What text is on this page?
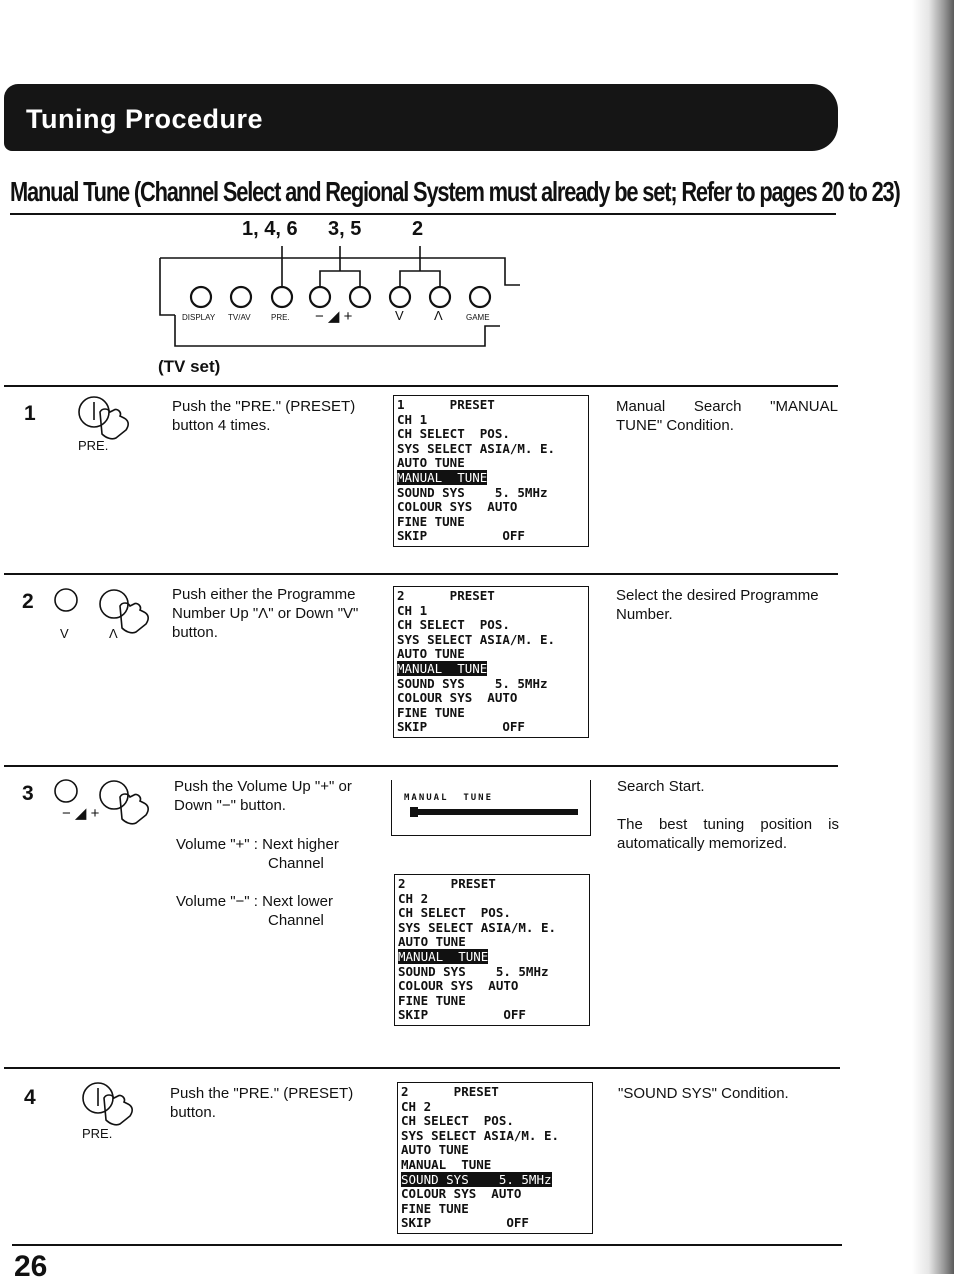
Tuning Procedure
Manual Tune (Channel Select and Regional System must already be set; Refer to pages 20 to 23)
1, 4, 6 3, 5	2
DISPLAY TV/AV	PRE. − ◢ +	V Λ	GAME
(TV set)
1
PRE.
Push the "PRE." (PRESET) button 4 times.
1      PRESET
CH 1
CH SELECT  POS.
SYS SELECT ASIA/M. E.
AUTO TUNE
MANUAL  TUNE
SOUND SYS    5. 5MHz
COLOUR SYS  AUTO
FINE TUNE
SKIP          OFF
Manual Search "MANUAL TUNE" Condition.
2
V	Λ
Push either the Programme Number Up "Λ" or Down "V" button.
2      PRESET
CH 1
CH SELECT  POS.
SYS SELECT ASIA/M. E.
AUTO TUNE
MANUAL  TUNE
SOUND SYS    5. 5MHz
COLOUR SYS  AUTO
FINE TUNE
SKIP          OFF
Select the desired Programme Number.
3
− ◢ +
Push the Volume Up "+" or Down "−" button.
Volume "+" : Next higher
Channel
Volume "−" : Next lower
Channel
MANUAL  TUNE
2      PRESET
CH 2
CH SELECT  POS.
SYS SELECT ASIA/M. E.
AUTO TUNE
MANUAL  TUNE
SOUND SYS    5. 5MHz
COLOUR SYS  AUTO
FINE TUNE
SKIP          OFF
Search Start.
The best tuning position is automatically memorized.
4
PRE.
Push the "PRE." (PRESET) button.
2      PRESET
CH 2
CH SELECT  POS.
SYS SELECT ASIA/M. E.
AUTO TUNE
MANUAL  TUNE
SOUND SYS    5. 5MHz
COLOUR SYS  AUTO
FINE TUNE
SKIP          OFF
"SOUND SYS" Condition.
26
